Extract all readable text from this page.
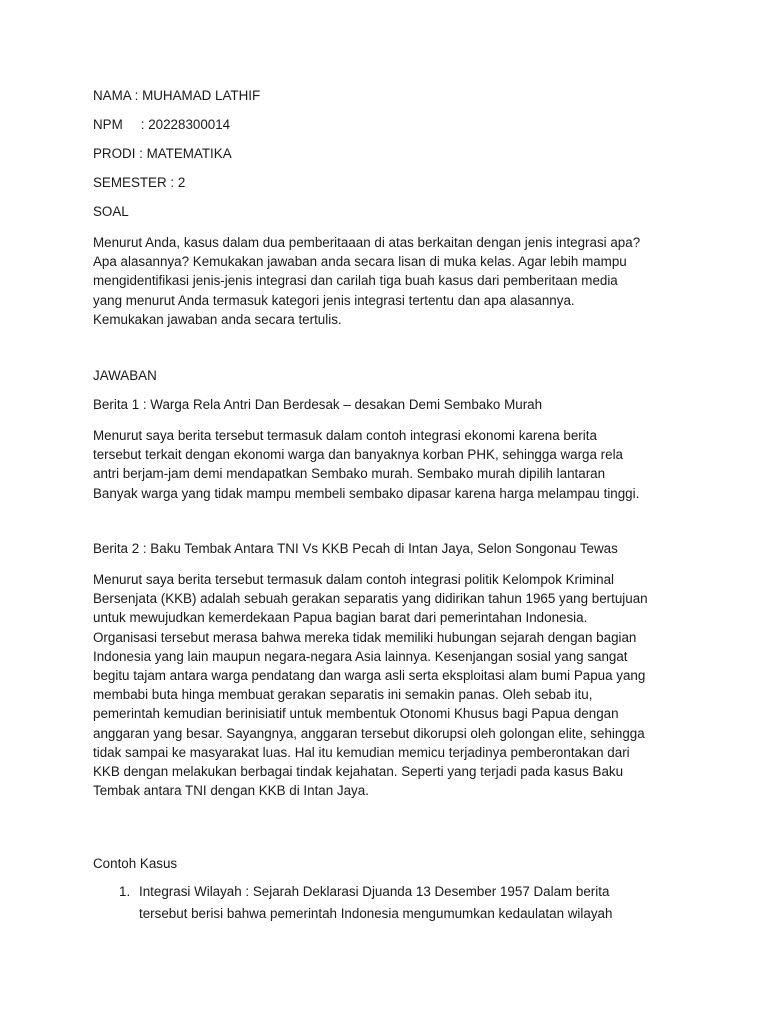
NAMA : MUHAMAD LATHIF
NPM : 20228300014
PRODI : MATEMATIKA
SEMESTER : 2
SOAL
Menurut Anda, kasus dalam dua pemberitaaan di atas berkaitan dengan jenis integrasi apa?
Apa alasannya? Kemukakan jawaban anda secara lisan di muka kelas. Agar lebih mampu
mengidentifikasi jenis-jenis integrasi dan carilah tiga buah kasus dari pemberitaan media
yang menurut Anda termasuk kategori jenis integrasi tertentu dan apa alasannya.
Kemukakan jawaban anda secara tertulis.
JAWABAN
Berita 1 : Warga Rela Antri Dan Berdesak – desakan Demi Sembako Murah
Menurut saya berita tersebut termasuk dalam contoh integrasi ekonomi karena berita
tersebut terkait dengan ekonomi warga dan banyaknya korban PHK, sehingga warga rela
antri berjam-jam demi mendapatkan Sembako murah. Sembako murah dipilih lantaran
Banyak warga yang tidak mampu membeli sembako dipasar karena harga melampau tinggi.
Berita 2 : Baku Tembak Antara TNI Vs KKB Pecah di Intan Jaya, Selon Songonau Tewas
Menurut saya berita tersebut termasuk dalam contoh integrasi politik Kelompok Kriminal
Bersenjata (KKB) adalah sebuah gerakan separatis yang didirikan tahun 1965 yang bertujuan
untuk mewujudkan kemerdekaan Papua bagian barat dari pemerintahan Indonesia.
Organisasi tersebut merasa bahwa mereka tidak memiliki hubungan sejarah dengan bagian
Indonesia yang lain maupun negara-negara Asia lainnya. Kesenjangan sosial yang sangat
begitu tajam antara warga pendatang dan warga asli serta eksploitasi alam bumi Papua yang
membabi buta hinga membuat gerakan separatis ini semakin panas. Oleh sebab itu,
pemerintah kemudian berinisiatif untuk membentuk Otonomi Khusus bagi Papua dengan
anggaran yang besar. Sayangnya, anggaran tersebut dikorupsi oleh golongan elite, sehingga
tidak sampai ke masyarakat luas. Hal itu kemudian memicu terjadinya pemberontakan dari
KKB dengan melakukan berbagai tindak kejahatan. Seperti yang terjadi pada kasus Baku
Tembak antara TNI dengan KKB di Intan Jaya.
Contoh Kasus
1. Integrasi Wilayah : Sejarah Deklarasi Djuanda 13 Desember 1957 Dalam berita
tersebut berisi bahwa pemerintah Indonesia mengumumkan kedaulatan wilayah
